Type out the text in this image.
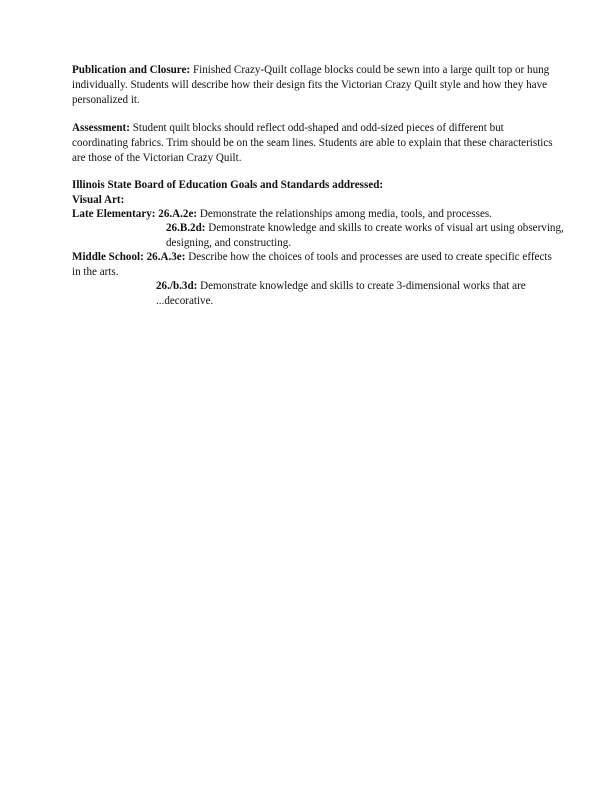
Publication and Closure: Finished Crazy-Quilt collage blocks could be sewn into a large quilt top or hung individually. Students will describe how their design fits the Victorian Crazy Quilt style and how they have personalized it.

Assessment: Student quilt blocks should reflect odd-shaped and odd-sized pieces of different but coordinating fabrics. Trim should be on the seam lines. Students are able to explain that these characteristics are those of the Victorian Crazy Quilt.

Illinois State Board of Education Goals and Standards addressed:
Visual Art:
Late Elementary: 26.A.2e: Demonstrate the relationships among media, tools, and processes.
26.B.2d: Demonstrate knowledge and skills to create works of visual art using observing, designing, and constructing.
Middle School: 26.A.3e: Describe how the choices of tools and processes are used to create specific effects in the arts.
26./b.3d: Demonstrate knowledge and skills to create 3-dimensional works that are ...decorative.
